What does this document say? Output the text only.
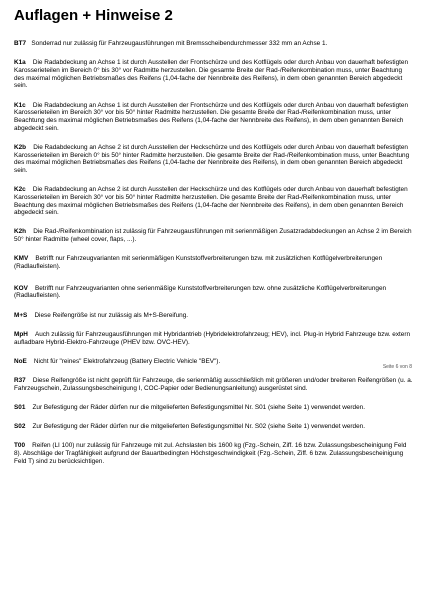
Auflagen + Hinweise 2

BT7 Sonderrad nur zulässig für Fahrzeugausführungen mit Bremsscheibendurchmesser 332 mm an Achse 1.

K1a Die Radabdeckung an Achse 1 ist durch Ausstellen der Frontschürze und des Kotflügels oder durch Anbau von dauerhaft befestigten Karosserieteilen im Bereich 0° bis 30° vor Radmitte herzustellen. Die gesamte Breite der Rad-/Reifenkombination muss, unter Beachtung des maximal möglichen Betriebsmaßes des Reifens (1,04-fache der Nennbreite des Reifens), in dem oben genannten Bereich abgedeckt sein.

K1c Die Radabdeckung an Achse 1 ist durch Ausstellen der Frontschürze und des Kotflügels oder durch Anbau von dauerhaft befestigten Karosserieteilen im Bereich 30° vor bis 50° hinter Radmitte herzustellen. Die gesamte Breite der Rad-/Reifenkombination muss, unter Beachtung des maximal möglichen Betriebsmaßes des Reifens (1,04-fache der Nennbreite des Reifens), in dem oben genannten Bereich abgedeckt sein.

K2b Die Radabdeckung an Achse 2 ist durch Ausstellen der Heckschürze und des Kotflügels oder durch Anbau von dauerhaft befestigten Karosserieteilen im Bereich 0° bis 50° hinter Radmitte herzustellen. Die gesamte Breite der Rad-/Reifenkombination muss, unter Beachtung des maximal möglichen Betriebsmaßes des Reifens (1,04-fache der Nennbreite des Reifens), in dem oben genannten Bereich abgedeckt sein.

K2c Die Radabdeckung an Achse 2 ist durch Ausstellen der Heckschürze und des Kotflügels oder durch Anbau von dauerhaft befestigten Karosserieteilen im Bereich 30° vor bis 50° hinter Radmitte herzustellen. Die gesamte Breite der Rad-/Reifenkombination muss, unter Beachtung des maximal möglichen Betriebsmaßes des Reifens (1,04-fache der Nennbreite des Reifens), in dem oben genannten Bereich abgedeckt sein.

K2h Die Rad-/Reifenkombination ist zulässig für Fahrzeugausführungen mit serienmäßigen Zusatzradabdeckungen an Achse 2 im Bereich 50° hinter Radmitte (wheel cover, flaps, ...).

KMV Betrifft nur Fahrzeugvarianten mit serienmäßigen Kunststoffverbreiterungen bzw. mit zusätzlichen Kotflügelverbreiterungen (Radlaufleisten).

KOV Betrifft nur Fahrzeugvarianten ohne serienmäßige Kunststoffverbreiterungen bzw. ohne zusätzliche Kotflügelverbreiterungen (Radlaufleisten).

M+S Diese Reifengröße ist nur zulässig als M+S-Bereifung.

MpH Auch zulässig für Fahrzeugausführungen mit Hybridantrieb (Hybridelektrofahrzeug; HEV), incl. Plug-in Hybrid Fahrzeuge bzw. extern aufladbare Hybrid-Elektro-Fahrzeuge (PHEV bzw. OVC-HEV).

NoE Nicht für "reines" Elektrofahrzeug (Battery Electric Vehicle "BEV").

R37 Diese Reifengröße ist nicht geprüft für Fahrzeuge, die serienmäßig ausschließlich mit größeren und/oder breiteren Reifengrößen (u. a. Fahrzeugschein, Zulassungsbescheinigung I, COC-Papier oder Bedienungsanleitung) ausgerüstet sind.

S01 Zur Befestigung der Räder dürfen nur die mitgelieferten Befestigungsmittel Nr. S01 (siehe Seite 1) verwendet werden.

S02 Zur Befestigung der Räder dürfen nur die mitgelieferten Befestigungsmittel Nr. S02 (siehe Seite 1) verwendet werden.

T00 Reifen (LI 100) nur zulässig für Fahrzeuge mit zul. Achslasten bis 1600 kg (Fzg.-Schein, Ziff. 16 bzw. Zulassungsbescheinigung Feld 8). Abschläge der Tragfähigkeit aufgrund der Bauartbedingten Höchstgeschwindigkeit (Fzg.-Schein, Ziff. 6 bzw. Zulassungsbescheinigung Feld T) sind zu berücksichtigen.

Seite 6 von 8
